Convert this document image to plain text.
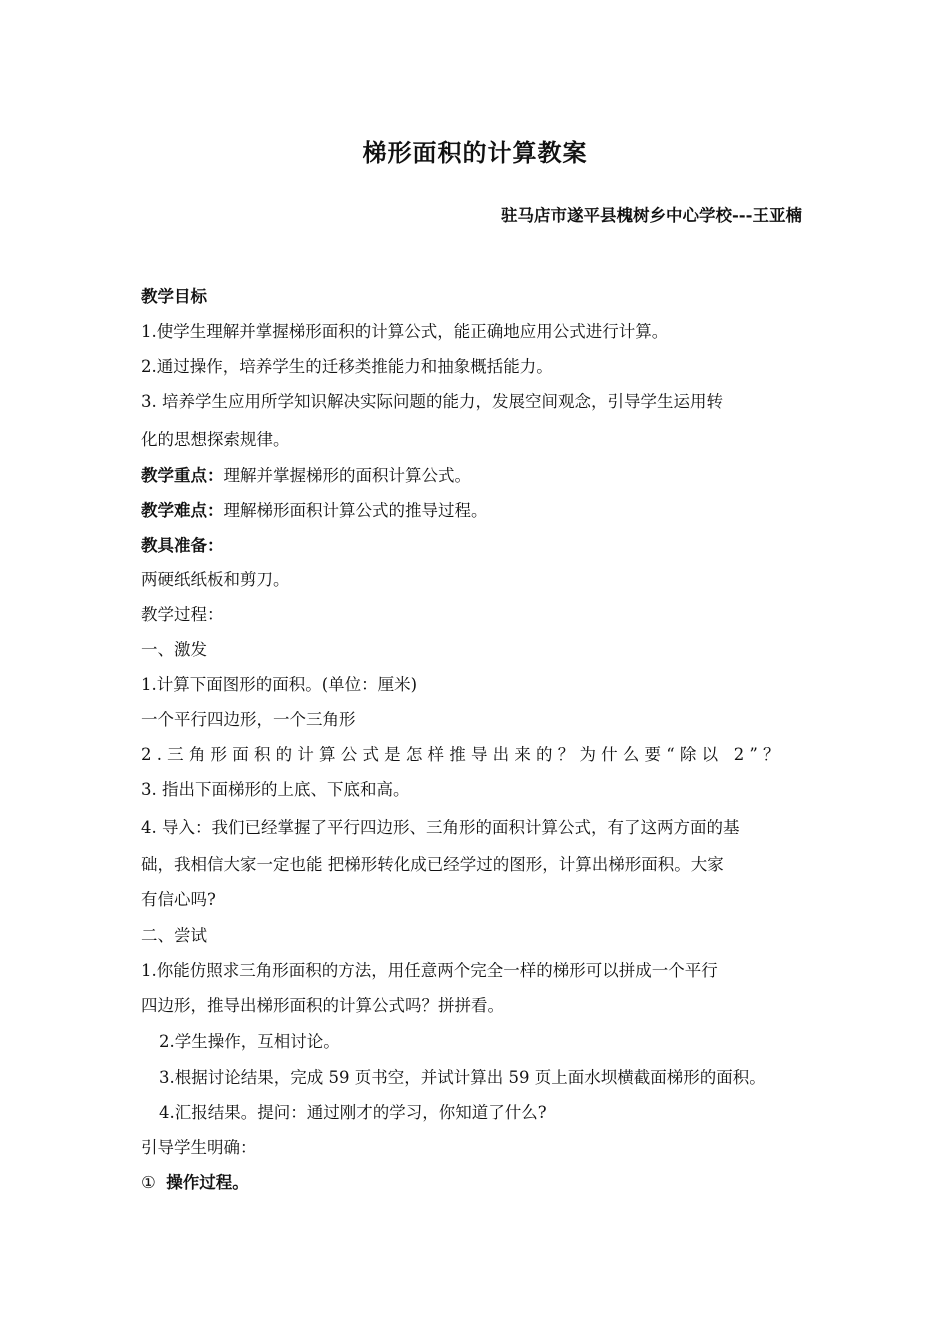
梯形面积的计算教案
驻马店市遂平县槐树乡中心学校---王亚楠
教学目标
1.使学生理解并掌握梯形面积的计算公式，能正确地应用公式进行计算。
2.通过操作，培养学生的迁移类推能力和抽象概括能力。
3. 培养学生应用所学知识解决实际问题的能力，发展空间观念，引导学生运用转
化的思想探索规律。
教学重点：理解并掌握梯形的面积计算公式。
教学难点：理解梯形面积计算公式的推导过程。
教具准备：
两硬纸纸板和剪刀。
教学过程：
一、激发
1.计算下面图形的面积。(单位：厘米)
一个平行四边形，一个三角形
2.三角形面积的计算公式是怎样推导出来的？为什么要“除以 2”？
3. 指出下面梯形的上底、下底和高。
4. 导入：我们已经掌握了平行四边形、三角形的面积计算公式，有了这两方面的基
础，我相信大家一定也能 把梯形转化成已经学过的图形，计算出梯形面积。大家
有信心吗?
二、尝试
1.你能仿照求三角形面积的方法，用任意两个完全一样的梯形可以拼成一个平行
四边形，推导出梯形面积的计算公式吗？拼拼看。
2.学生操作，互相讨论。
3.根据讨论结果，完成 59 页书空，并试计算出 59 页上面水坝横截面梯形的面积。
4.汇报结果。提问：通过刚才的学习，你知道了什么?
引导学生明确：
① 操作过程。
